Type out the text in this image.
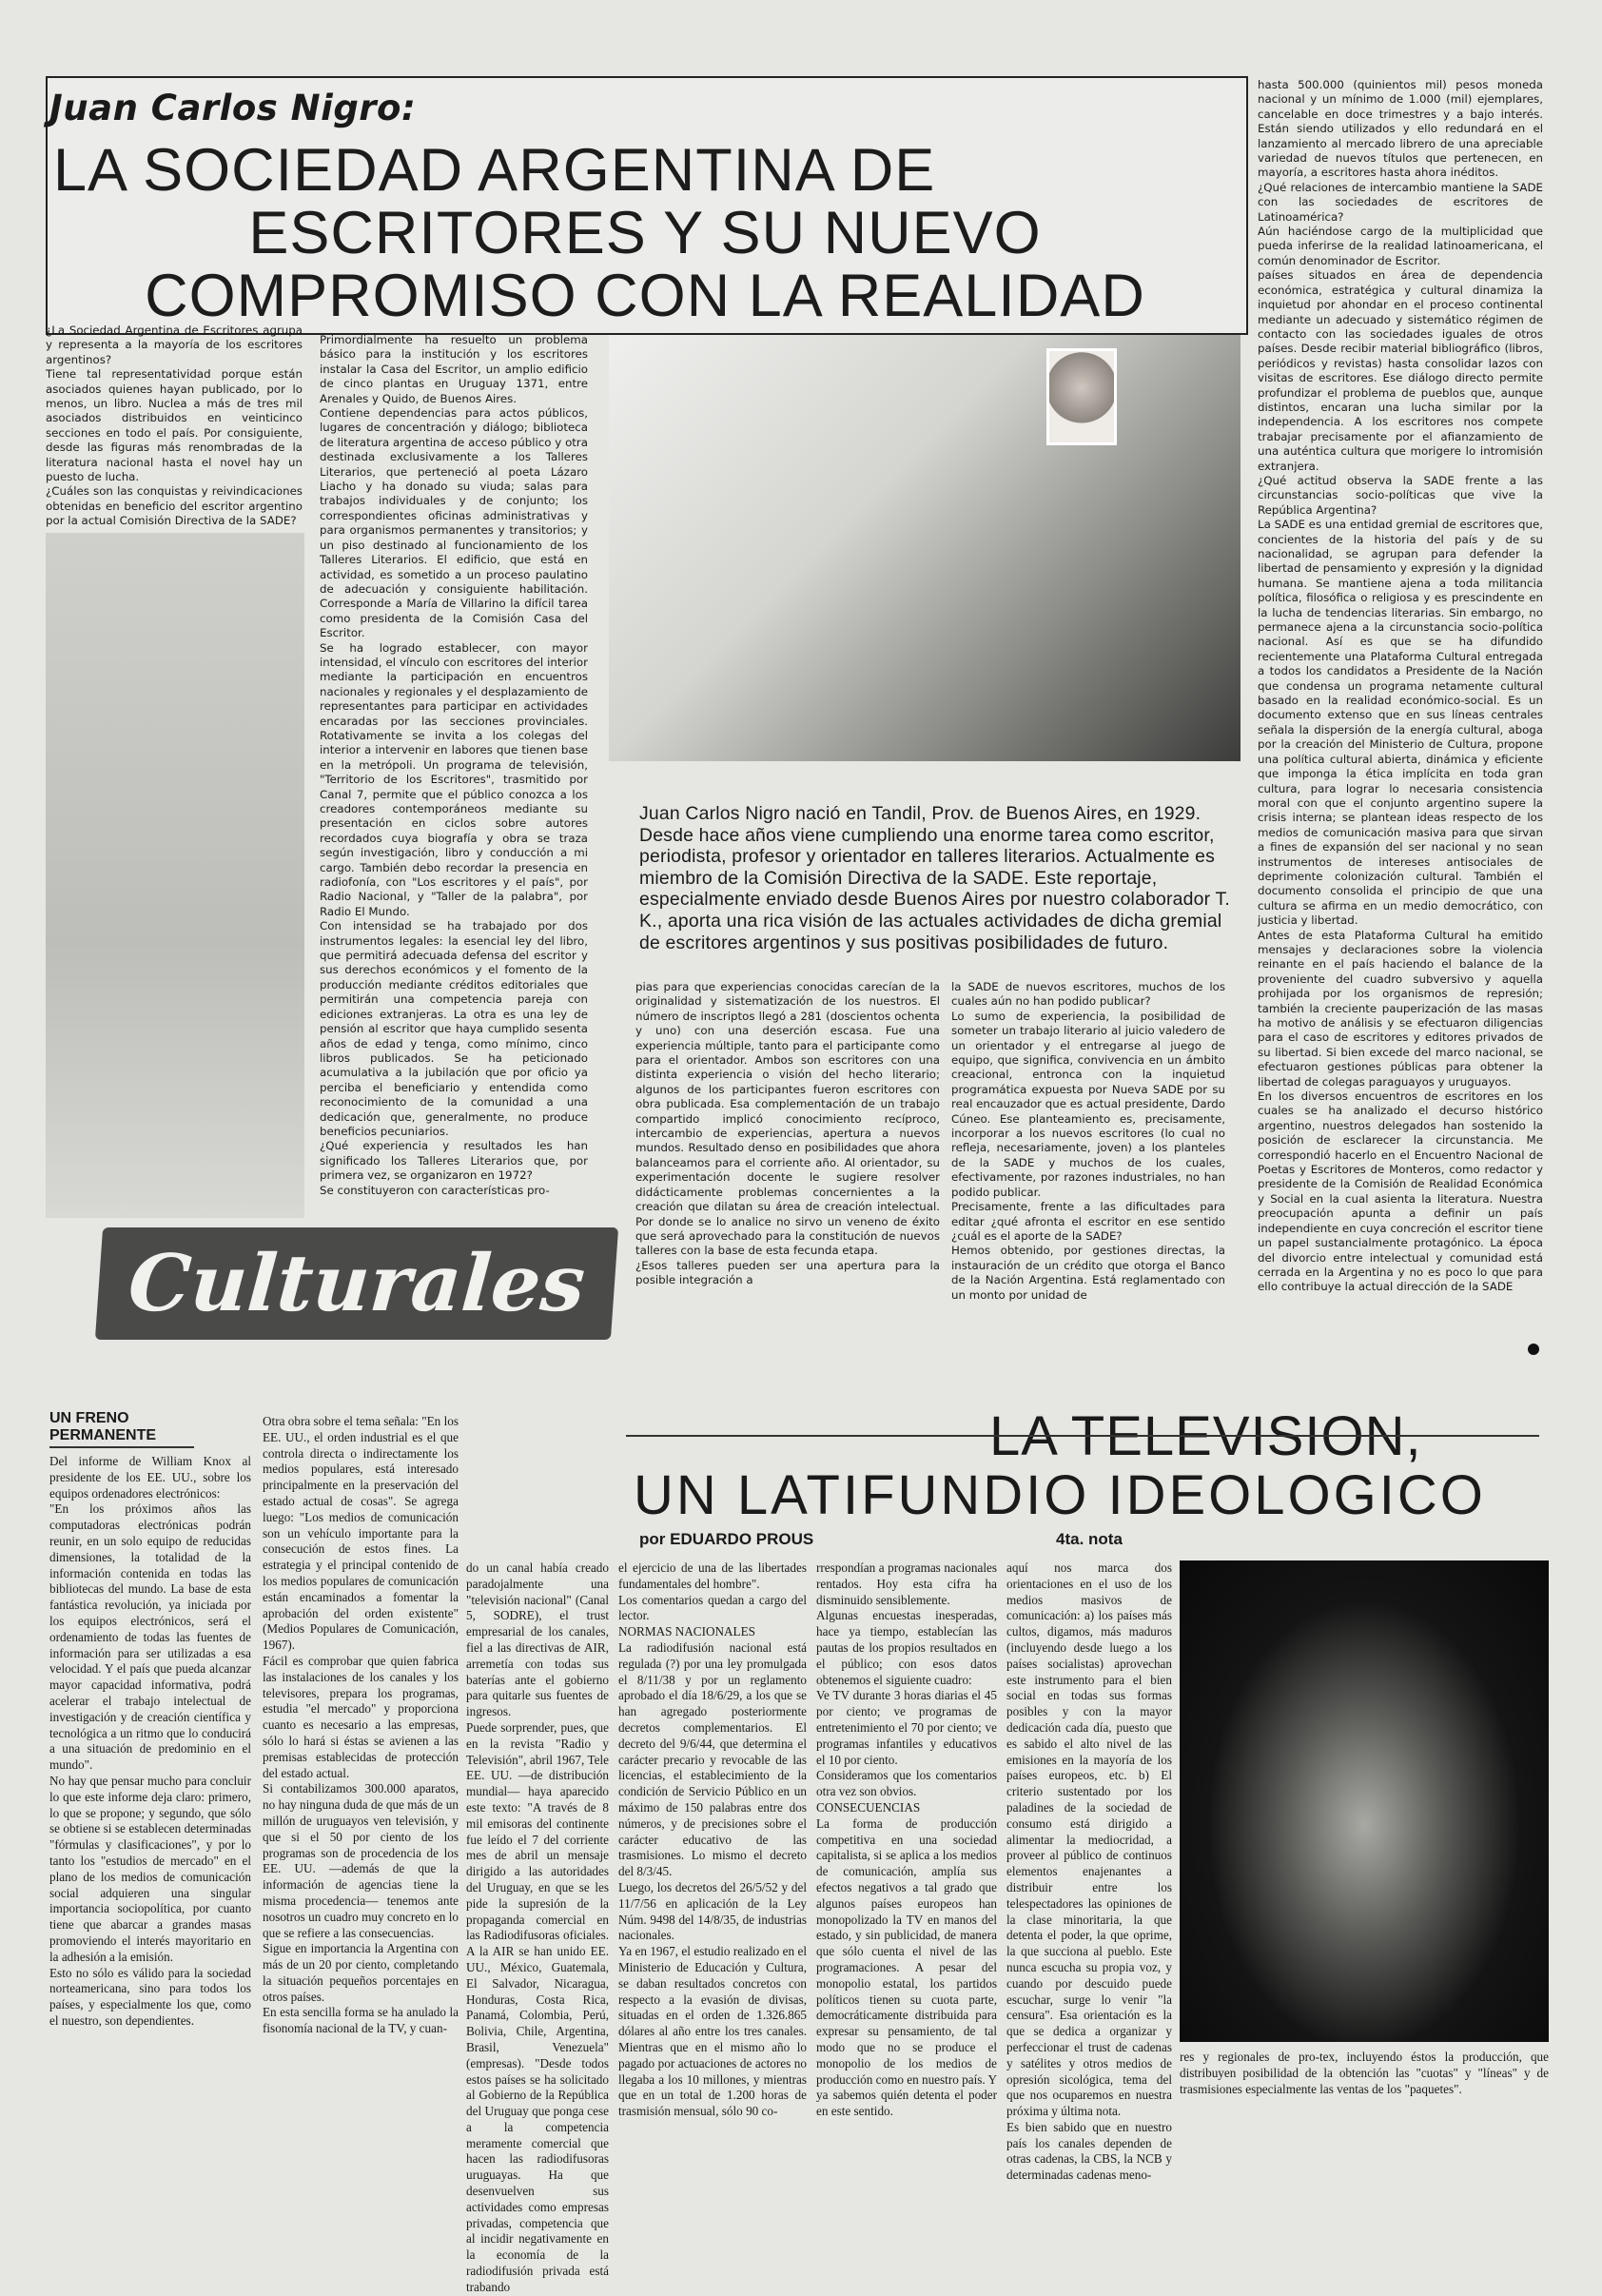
Juan Carlos Nigro:
LA SOCIEDAD ARGENTINA DE
ESCRITORES Y SU NUEVO
COMPROMISO CON LA REALIDAD
¿La Sociedad Argentina de Escritores agrupa y representa a la mayoría de los escritores argentinos?
Tiene tal representatividad porque están asociados quienes hayan publicado, por lo menos, un libro. Nuclea a más de tres mil asociados distribuidos en veinticinco secciones en todo el país. Por consiguiente, desde las figuras más renombradas de la literatura nacional hasta el novel hay un puesto de lucha.
¿Cuáles son las conquistas y reivindicaciones obtenidas en beneficio del escritor argentino por la actual Comisión Directiva de la SADE?
Primordialmente ha resuelto un problema básico para la institución y los escritores instalar la Casa del Escritor, un amplio edificio de cinco plantas en Uruguay 1371, entre Arenales y Quido, de Buenos Aires.
Contiene dependencias para actos públicos, lugares de concentración y diálogo; biblioteca de literatura argentina de acceso público y otra destinada exclusivamente a los Talleres Literarios, que perteneció al poeta Lázaro Liacho y ha donado su viuda; salas para trabajos individuales y de conjunto; los correspondientes oficinas administrativas y para organismos permanentes y transitorios; y un piso destinado al funcionamiento de los Talleres Literarios. El edificio, que está en actividad, es sometido a un proceso paulatino de adecuación y consiguiente habilitación. Corresponde a María de Villarino la difícil tarea como presidenta de la Comisión Casa del Escritor.
Se ha logrado establecer, con mayor intensidad, el vínculo con escritores del interior mediante la participación en encuentros nacionales y regionales y el desplazamiento de representantes para participar en actividades encaradas por las secciones provinciales. Rotativamente se invita a los colegas del interior a intervenir en labores que tienen base en la metrópoli. Un programa de televisión, "Territorio de los Escritores", trasmitido por Canal 7, permite que el público conozca a los creadores contemporáneos mediante su presentación en ciclos sobre autores recordados cuya biografía y obra se traza según investigación, libro y conducción a mi cargo. También debo recordar la presencia en radiofonía, con "Los escritores y el país", por Radio Nacional, y "Taller de la palabra", por Radio El Mundo.
Con intensidad se ha trabajado por dos instrumentos legales: la esencial ley del libro, que permitirá adecuada defensa del escritor y sus derechos económicos y el fomento de la producción mediante créditos editoriales que permitirán una competencia pareja con ediciones extranjeras. La otra es una ley de pensión al escritor que haya cumplido sesenta años de edad y tenga, como mínimo, cinco libros publicados. Se ha peticionado acumulativa a la jubilación que por oficio ya perciba el beneficiario y entendida como reconocimiento de la comunidad a una dedicación que, generalmente, no produce beneficios pecuniarios.
¿Qué experiencia y resultados les han significado los Talleres Literarios que, por primera vez, se organizaron en 1972?
Se constituyeron con características pro-
Juan Carlos Nigro nació en Tandil, Prov. de Buenos Aires, en 1929. Desde hace años viene cumpliendo una enorme tarea como escritor, periodista, profesor y orientador en talleres literarios. Actualmente es miembro de la Comisión Directiva de la SADE. Este reportaje, especialmente enviado desde Buenos Aires por nuestro colaborador T. K., aporta una rica visión de las actuales actividades de dicha gremial de escritores argentinos y sus positivas posibilidades de futuro.
pias para que experiencias conocidas carecían de la originalidad y sistematización de los nuestros. El número de inscriptos llegó a 281 (doscientos ochenta y uno) con una deserción escasa. Fue una experiencia múltiple, tanto para el participante como para el orientador. Ambos son escritores con una distinta experiencia o visión del hecho literario; algunos de los participantes fueron escritores con obra publicada. Esa complementación de un trabajo compartido implicó conocimiento recíproco, intercambio de experiencias, apertura a nuevos mundos. Resultado denso en posibilidades que ahora balanceamos para el corriente año. Al orientador, su experimentación docente le sugiere resolver didácticamente problemas concernientes a la creación que dilatan su área de creación intelectual. Por donde se lo analice no sirvo un veneno de éxito que será aprovechado para la constitución de nuevos talleres con la base de esta fecunda etapa.
¿Esos talleres pueden ser una apertura para la posible integración a
la SADE de nuevos escritores, muchos de los cuales aún no han podido publicar?
Lo sumo de experiencia, la posibilidad de someter un trabajo literario al juicio valedero de un orientador y el entregarse al juego de equipo, que significa, convivencia en un ámbito creacional, entronca con la inquietud programática expuesta por Nueva SADE por su real encauzador que es actual presidente, Dardo Cúneo. Ese planteamiento es, precisamente, incorporar a los nuevos escritores (lo cual no refleja, necesariamente, joven) a los planteles de la SADE y muchos de los cuales, efectivamente, por razones industriales, no han podido publicar.
Precisamente, frente a las dificultades para editar ¿qué afronta el escritor en ese sentido ¿cuál es el aporte de la SADE?
Hemos obtenido, por gestiones directas, la instauración de un crédito que otorga el Banco de la Nación Argentina. Está reglamentado con un monto por unidad de
hasta 500.000 (quinientos mil) pesos moneda nacional y un mínimo de 1.000 (mil) ejemplares, cancelable en doce trimestres y a bajo interés. Están siendo utilizados y ello redundará en el lanzamiento al mercado librero de una apreciable variedad de nuevos títulos que pertenecen, en mayoría, a escritores hasta ahora inéditos.
¿Qué relaciones de intercambio mantiene la SADE con las sociedades de escritores de Latinoamérica?
Aún haciéndose cargo de la multiplicidad que pueda inferirse de la realidad latinoamericana, el común denominador de Escritor.
países situados en área de dependencia económica, estratégica y cultural dinamiza la inquietud por ahondar en el proceso continental mediante un adecuado y sistemático régimen de contacto con las sociedades iguales de otros países. Desde recibir material bibliográfico (libros, periódicos y revistas) hasta consolidar lazos con visitas de escritores. Ese diálogo directo permite profundizar el problema de pueblos que, aunque distintos, encaran una lucha similar por la independencia. A los escritores nos compete trabajar precisamente por el afianzamiento de una auténtica cultura que morigere lo intromisión extranjera.
¿Qué actitud observa la SADE frente a las circunstancias socio-políticas que vive la República Argentina?
La SADE es una entidad gremial de escritores que, concientes de la historia del país y de su nacionalidad, se agrupan para defender la libertad de pensamiento y expresión y la dignidad humana. Se mantiene ajena a toda militancia política, filosófica o religiosa y es prescindente en la lucha de tendencias literarias. Sin embargo, no permanece ajena a la circunstancia socio-política nacional. Así es que se ha difundido recientemente una Plataforma Cultural entregada a todos los candidatos a Presidente de la Nación que condensa un programa netamente cultural basado en la realidad económico-social. Es un documento extenso que en sus líneas centrales señala la dispersión de la energía cultural, aboga por la creación del Ministerio de Cultura, propone una política cultural abierta, dinámica y eficiente que imponga la ética implícita en toda gran cultura, para lograr lo necesaria consistencia moral con que el conjunto argentino supere la crisis interna; se plantean ideas respecto de los medios de comunicación masiva para que sirvan a fines de expansión del ser nacional y no sean instrumentos de intereses antisociales de deprimente colonización cultural. También el documento consolida el principio de que una cultura se afirma en un medio democrático, con justicia y libertad.
Antes de esta Plataforma Cultural ha emitido mensajes y declaraciones sobre la violencia reinante en el país haciendo el balance de la proveniente del cuadro subversivo y aquella prohijada por los organismos de represión; también la creciente pauperización de las masas ha motivo de análisis y se efectuaron diligencias para el caso de escritores y editores privados de su libertad. Si bien excede del marco nacional, se efectuaron gestiones públicas para obtener la libertad de colegas paraguayos y uruguayos.
En los diversos encuentros de escritores en los cuales se ha analizado el decurso histórico argentino, nuestros delegados han sostenido la posición de esclarecer la circunstancia. Me correspondió hacerlo en el Encuentro Nacional de Poetas y Escritores de Monteros, como redactor y presidente de la Comisión de Realidad Económica y Social en la cual asienta la literatura. Nuestra preocupación apunta a definir un país independiente en cuya concreción el escritor tiene un papel sustancialmente protagónico. La época del divorcio entre intelectual y comunidad está cerrada en la Argentina y no es poco lo que para ello contribuye la actual dirección de la SADE
Culturales
LA TELEVISION,
UN LATIFUNDIO IDEOLOGICO
por EDUARDO PROUS	4ta. nota
UN FRENO
PERMANENTE
Del informe de William Knox al presidente de los EE. UU., sobre los equipos ordenadores electrónicos:
"En los próximos años las computadoras electrónicas podrán reunir, en un solo equipo de reducidas dimensiones, la totalidad de la información contenida en todas las bibliotecas del mundo. La base de esta fantástica revolución, ya iniciada por los equipos electrónicos, será el ordenamiento de todas las fuentes de información para ser utilizadas a esa velocidad. Y el país que pueda alcanzar mayor capacidad informativa, podrá acelerar el trabajo intelectual de investigación y de creación científica y tecnológica a un ritmo que lo conducirá a una situación de predominio en el mundo".
No hay que pensar mucho para concluir lo que este informe deja claro: primero, lo que se propone; y segundo, que sólo se obtiene si se establecen determinadas "fórmulas y clasificaciones", y por lo tanto los "estudios de mercado" en el plano de los medios de comunicación social adquieren una singular importancia sociopolítica, por cuanto tiene que abarcar a grandes masas promoviendo el interés mayoritario en la adhesión a la emisión.
Esto no sólo es válido para la sociedad norteamericana, sino para todos los países, y especialmente los que, como el nuestro, son dependientes.
Otra obra sobre el tema señala: "En los EE. UU., el orden industrial es el que controla directa o indirectamente los medios populares, está interesado principalmente en la preservación del estado actual de cosas". Se agrega luego: "Los medios de comunicación son un vehículo importante para la consecución de estos fines. La estrategia y el principal contenido de los medios populares de comunicación están encaminados a fomentar la aprobación del orden existente" (Medios Populares de Comunicación, 1967).
Fácil es comprobar que quien fabrica las instalaciones de los canales y los televisores, prepara los programas, estudia "el mercado" y proporciona cuanto es necesario a las empresas, sólo lo hará si éstas se avienen a las premisas establecidas de protección del estado actual.
Si contabilizamos 300.000 aparatos, no hay ninguna duda de que más de un millón de uruguayos ven televisión, y que si el 50 por ciento de los programas son de procedencia de los EE. UU. —además de que la información de agencias tiene la misma procedencia— tenemos ante nosotros un cuadro muy concreto en lo que se refiere a las consecuencias.
Sigue en importancia la Argentina con más de un 20 por ciento, completando la situación pequeños porcentajes en otros países.
En esta sencilla forma se ha anulado la fisonomía nacional de la TV, y cuan-
do un canal había creado paradojalmente una "televisión nacional" (Canal 5, SODRE), el trust empresarial de los canales, fiel a las directivas de AIR, arremetía con todas sus baterías ante el gobierno para quitarle sus fuentes de ingresos.
Puede sorprender, pues, que en la revista "Radio y Televisión", abril 1967, Tele EE. UU. —de distribución mundial— haya aparecido este texto: "A través de 8 mil emisoras del continente fue leído el 7 del corriente mes de abril un mensaje dirigido a las autoridades del Uruguay, en que se les pide la supresión de la propaganda comercial en las Radiodifusoras oficiales. A la AIR se han unido EE. UU., México, Guatemala, El Salvador, Nicaragua, Honduras, Costa Rica, Panamá, Colombia, Perú, Bolivia, Chile, Argentina, Brasil, Venezuela" (empresas). "Desde todos estos países se ha solicitado al Gobierno de la República del Uruguay que ponga cese a la competencia meramente comercial que hacen las radiodifusoras uruguayas. Ha que desenvuelven sus actividades como empresas privadas, competencia que al incidir negativamente en la economía de la radiodifusión privada está trabando
el ejercicio de una de las libertades fundamentales del hombre".
Los comentarios quedan a cargo del lector.
NORMAS NACIONALES
La radiodifusión nacional está regulada (?) por una ley promulgada el 8/11/38 y por un reglamento aprobado el día 18/6/29, a los que se han agregado posteriormente decretos complementarios. El decreto del 9/6/44, que determina el carácter precario y revocable de las licencias, el establecimiento de la condición de Servicio Público en un máximo de 150 palabras entre dos números, y de precisiones sobre el carácter educativo de las trasmisiones. Lo mismo el decreto del 8/3/45.
Luego, los decretos del 26/5/52 y del 11/7/56 en aplicación de la Ley Núm. 9498 del 14/8/35, de industrias nacionales.
Ya en 1967, el estudio realizado en el Ministerio de Educación y Cultura, se daban resultados concretos con respecto a la evasión de divisas, situadas en el orden de 1.326.865 dólares al año entre los tres canales. Mientras que en el mismo año lo pagado por actuaciones de actores no llegaba a los 10 millones, y mientras que en un total de 1.200 horas de trasmisión mensual, sólo 90 co-
rrespondían a programas nacionales rentados. Hoy esta cifra ha disminuido sensiblemente.
Algunas encuestas inesperadas, hace ya tiempo, establecían las pautas de los propios resultados en el público; con esos datos obtenemos el siguiente cuadro:
Ve TV durante 3 horas diarias el 45 por ciento; ve programas de entretenimiento el 70 por ciento; ve programas infantiles y educativos el 10 por ciento.
Consideramos que los comentarios otra vez son obvios.
CONSECUENCIAS
La forma de producción competitiva en una sociedad capitalista, si se aplica a los medios de comunicación, amplía sus efectos negativos a tal grado que algunos países europeos han monopolizado la TV en manos del estado, y sin publicidad, de manera que sólo cuenta el nivel de las programaciones. A pesar del monopolio estatal, los partidos políticos tienen su cuota parte, democráticamente distribuida para expresar su pensamiento, de tal modo que no se produce el monopolio de los medios de producción como en nuestro país. Y ya sabemos quién detenta el poder en este sentido.
aquí nos marca dos orientaciones en el uso de los medios masivos de comunicación: a) los países más cultos, digamos, más maduros (incluyendo desde luego a los países socialistas) aprovechan este instrumento para el bien social en todas sus formas posibles y con la mayor dedicación cada día, puesto que es sabido el alto nivel de las emisiones en la mayoría de los países europeos, etc. b) El criterio sustentado por los paladines de la sociedad de consumo está dirigido a alimentar la mediocridad, a proveer al público de continuos elementos enajenantes a distribuir entre los telespectadores las opiniones de la clase minoritaria, la que detenta el poder, la que oprime, la que succiona al pueblo. Este nunca escucha su propia voz, y cuando por descuido puede escuchar, surge lo venir "la censura". Esa orientación es la que se dedica a organizar y perfeccionar el trust de cadenas y satélites y otros medios de opresión sicológica, tema del que nos ocuparemos en nuestra próxima y última nota.
Es bien sabido que en nuestro país los canales dependen de otras cadenas, la CBS, la NCB y determinadas cadenas meno-
res y regionales de pro-tex, incluyendo éstos la producción, que distribuyen posibilidad de la obtención las "cuotas" y "líneas" y de trasmisiones especialmente las ventas de los "paquetes".
